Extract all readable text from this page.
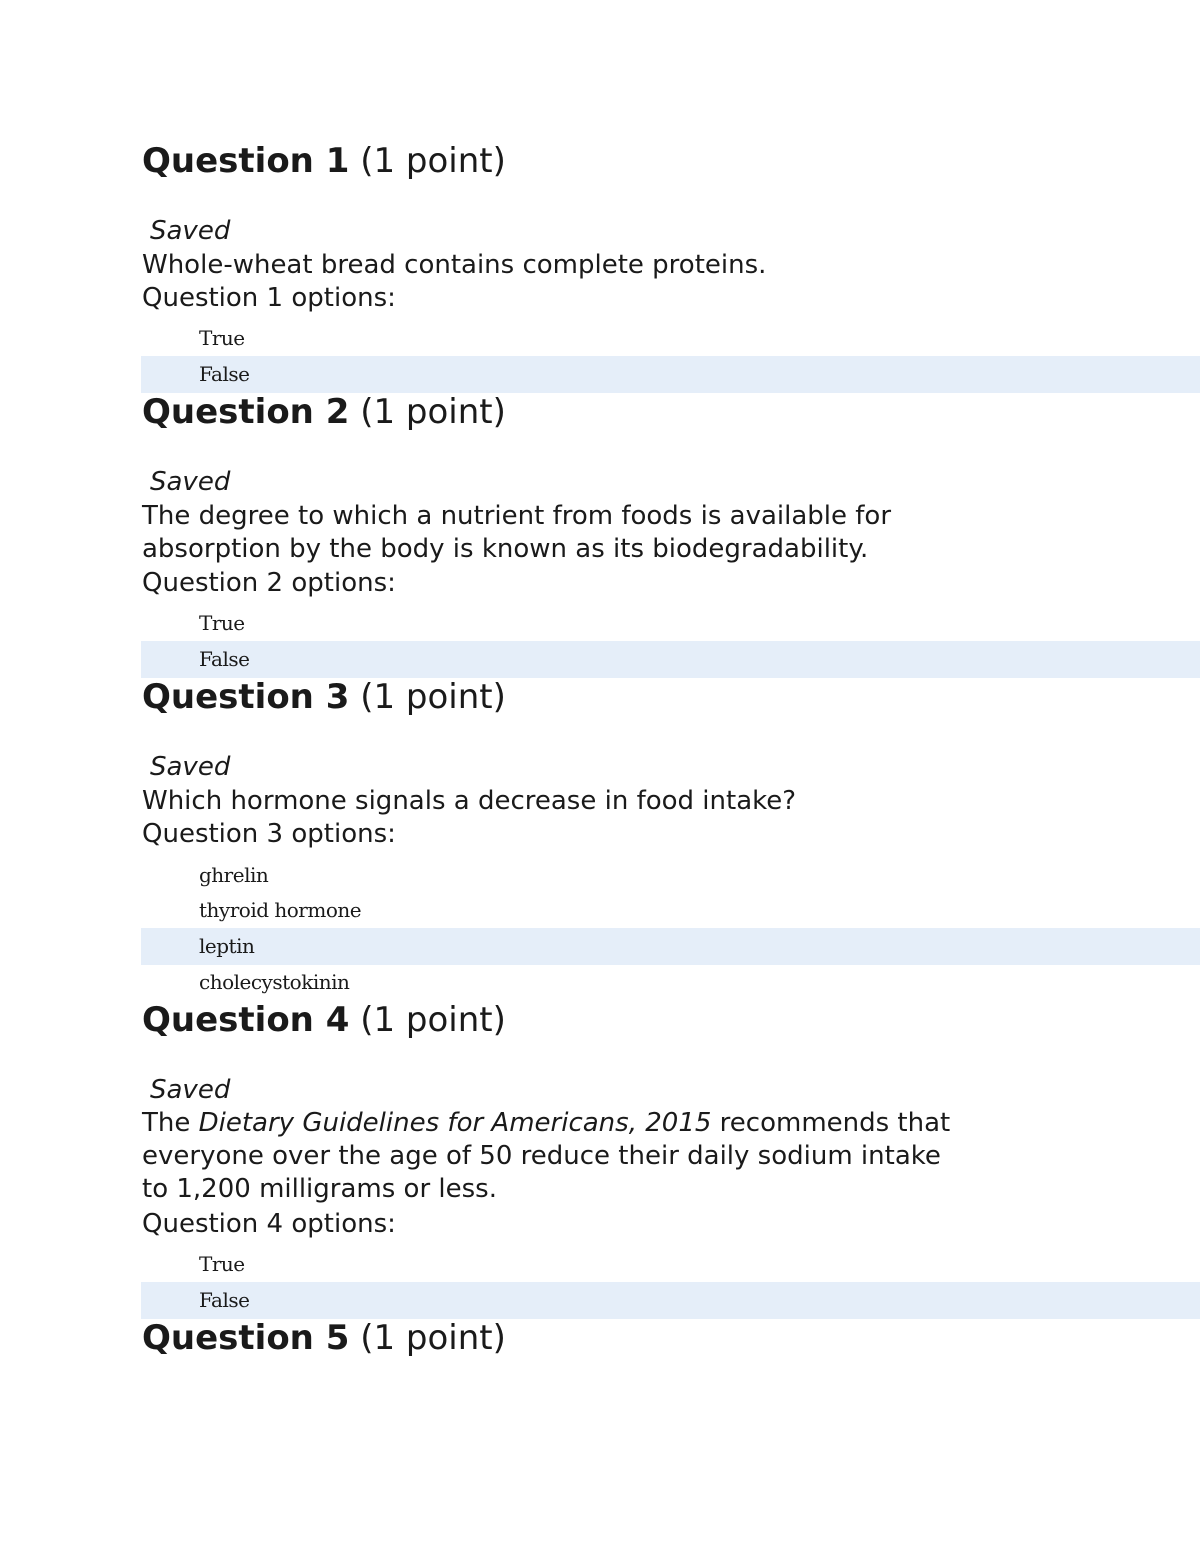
Question 1 (1 point)
Saved
Whole-wheat bread contains complete proteins.
Question 1 options:
True
False
Question 2 (1 point)
Saved
The degree to which a nutrient from foods is available for
absorption by the body is known as its biodegradability.
Question 2 options:
True
False
Question 3 (1 point)
Saved
Which hormone signals a decrease in food intake?
Question 3 options:
ghrelin
thyroid hormone
leptin
cholecystokinin
Question 4 (1 point)
Saved
The Dietary Guidelines for Americans, 2015 recommends that
everyone over the age of 50 reduce their daily sodium intake
to 1,200 milligrams or less.
Question 4 options:
True
False
Question 5 (1 point)
